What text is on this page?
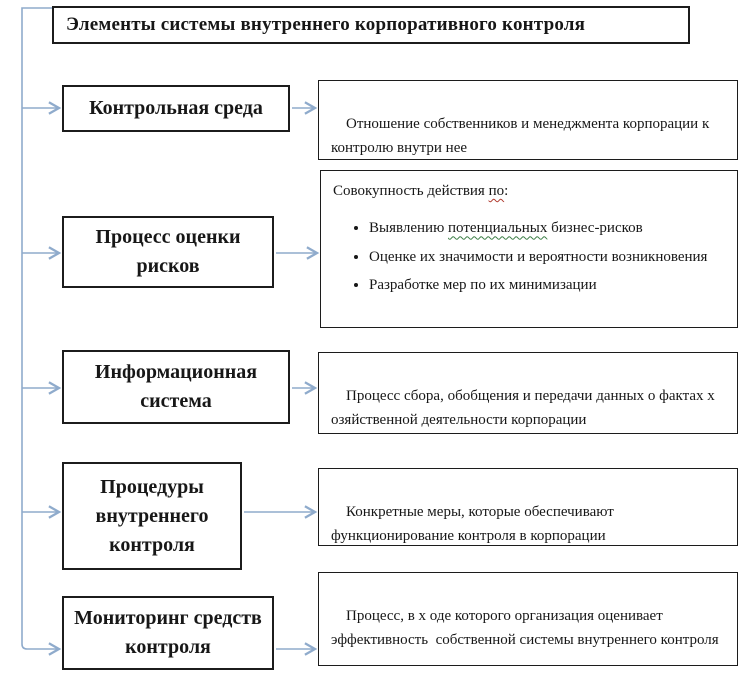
Элементы системы внутреннего корпоративного контроля
Контрольная среда

Отношение собственников и менеджмента корпорации к контролю внутри нее

Процесс оценки рисков
Совокупность действия по:
• Выявлению потенциальных бизнес-рисков
• Оценке их значимости и вероятности возникновения
• Разработке мер по их минимизации
Информационная система	Процесс сбора, обобщения и передачи данных о фактах х озяйственной деятельности корпорации

Процедуры внутреннего контроля

Конкретные меры, которые обеспечивают функционирование контроля в корпорации

Мониторинг средств контроля

Процесс, в х оде которого организация оценивает эффективность  собственной системы внутреннего контроля
